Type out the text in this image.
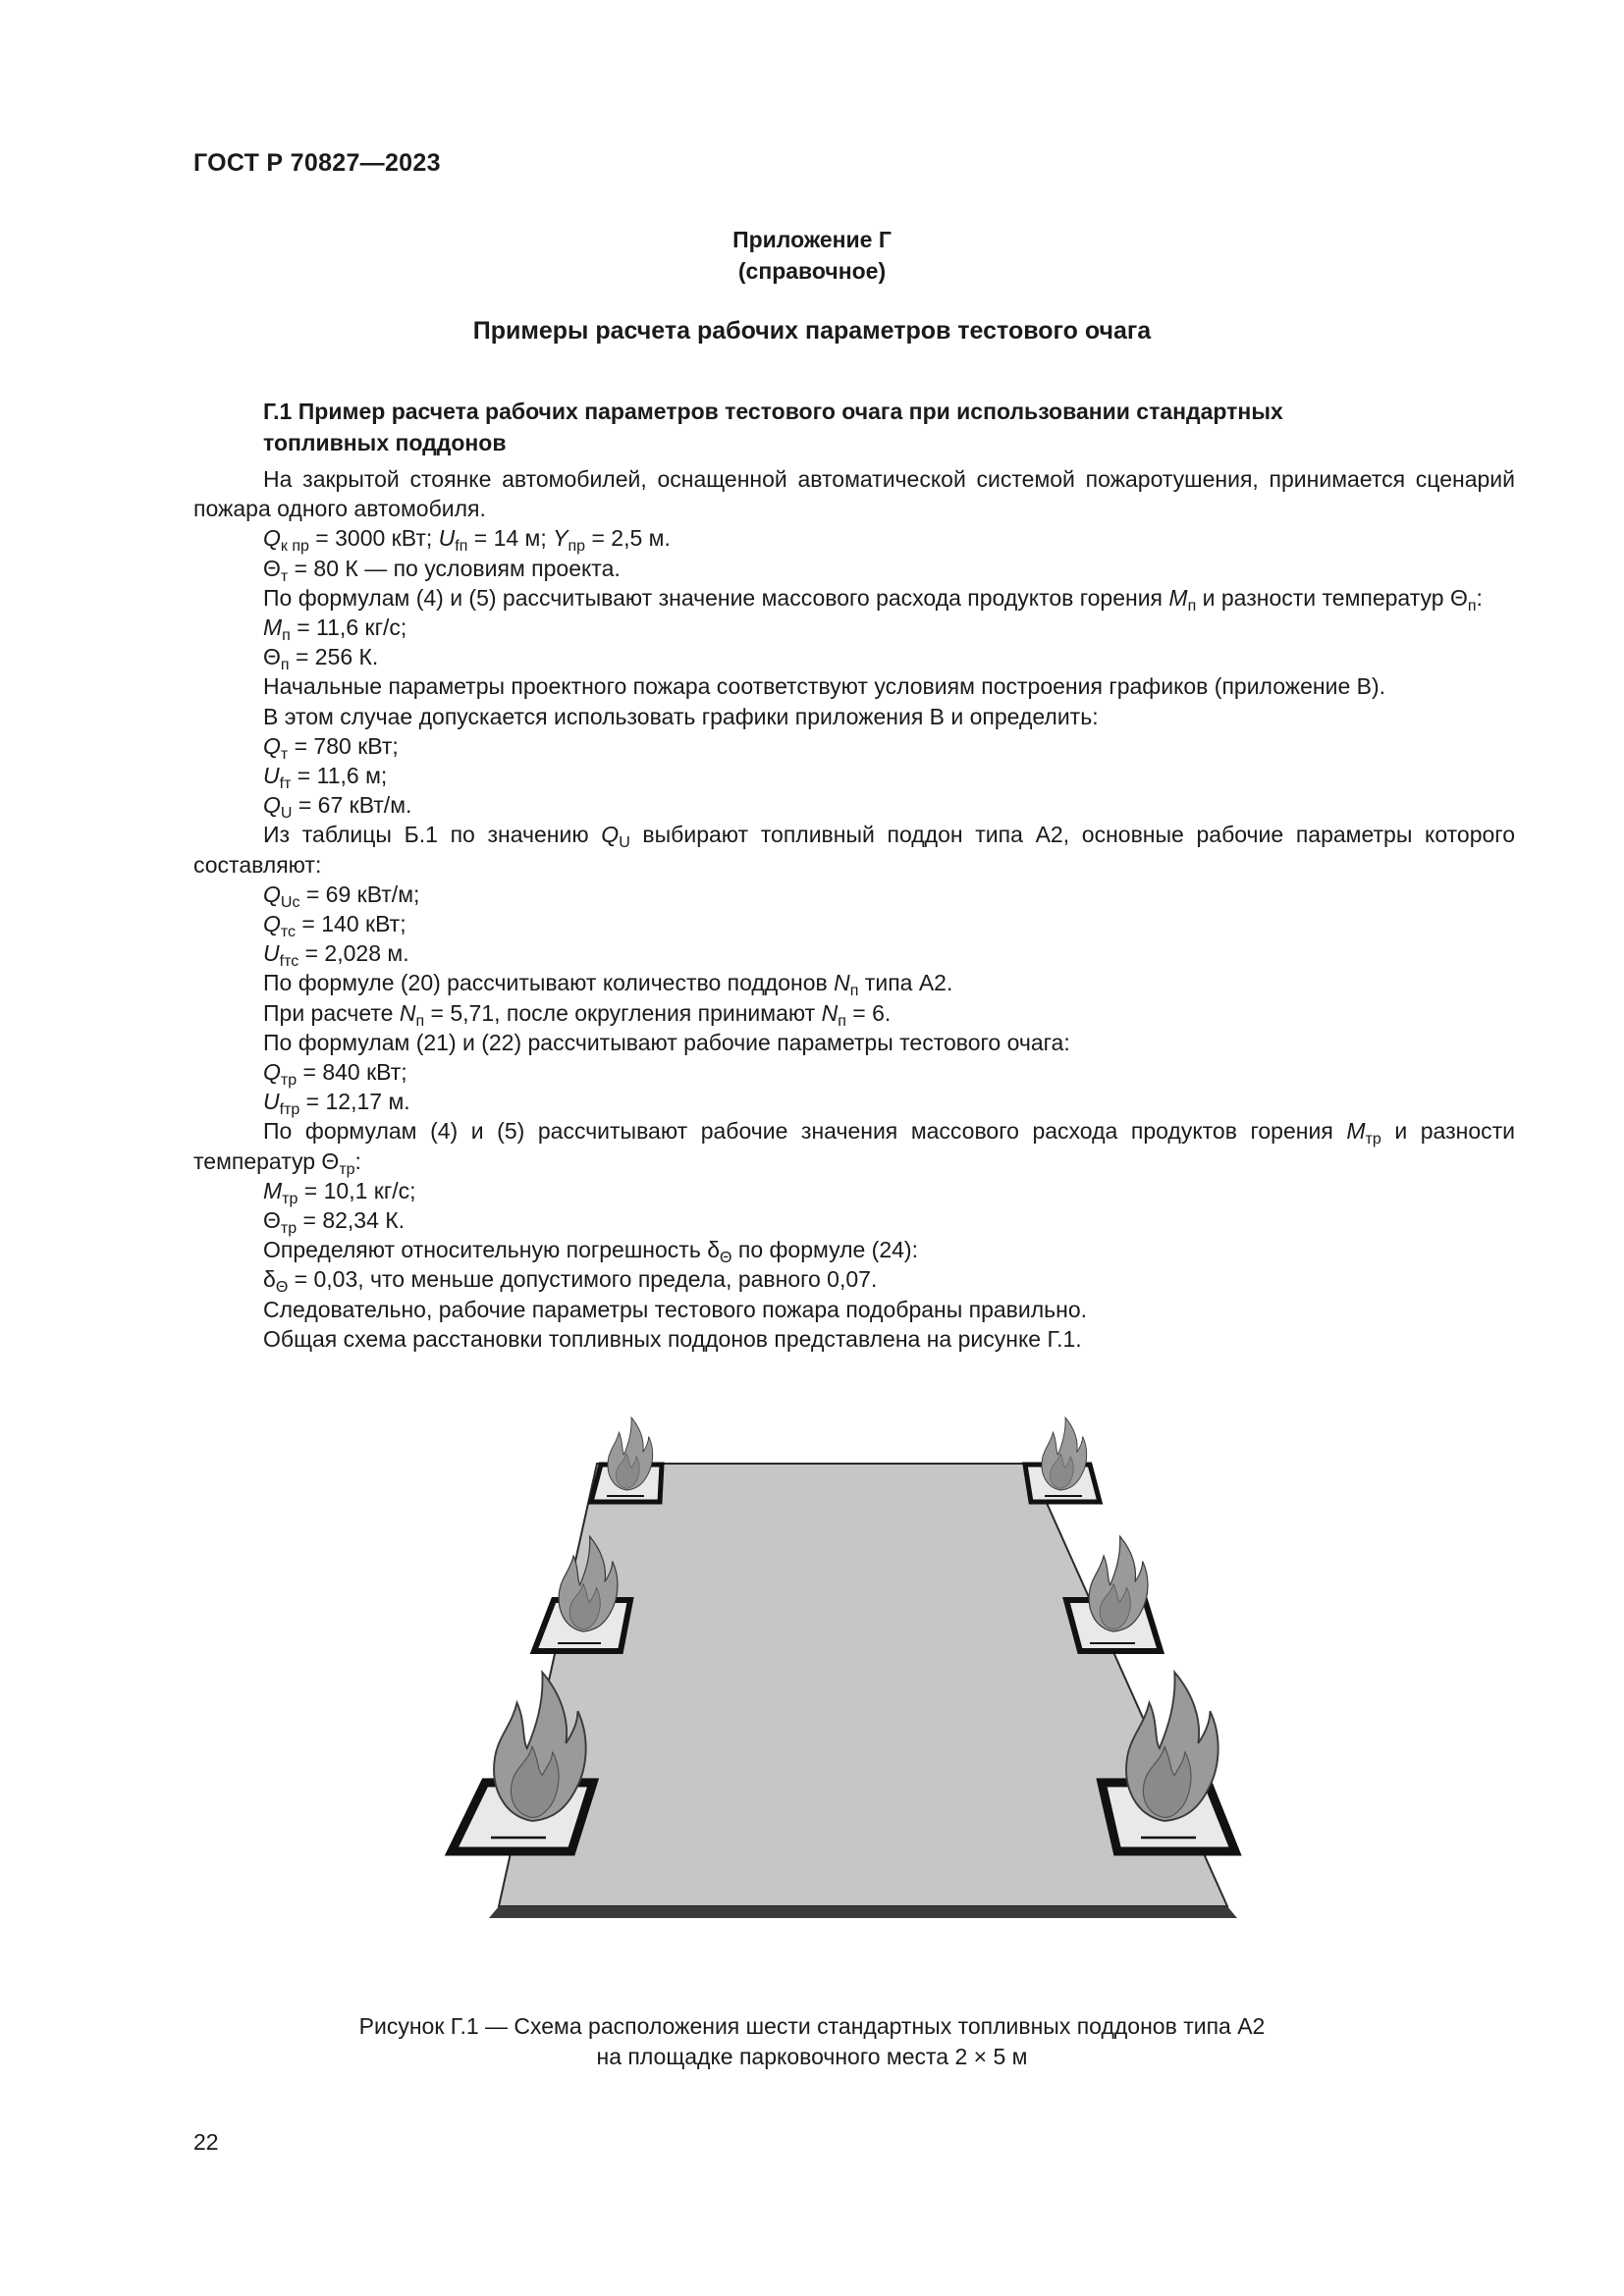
ГОСТ Р 70827—2023
Приложение Г
(справочное)
Примеры расчета рабочих параметров тестового очага
Г.1 Пример расчета рабочих параметров тестового очага при использовании стандартных
топливных поддонов

На закрытой стоянке автомобилей, оснащенной автоматической системой пожаротушения, принимается сценарий пожара одного автомобиля.

$Q_{к пр} = 3000$ кВт; $U_{fп} = 14$ м; $Y_{пр} = 2,5$ м.

$\Theta_т = 80$ К — по условиям проекта.

По формулам (4) и (5) рассчитывают значение массового расхода продуктов горения $M_п$ и разности температур $\Theta_п$:

$M_п = 11,6$ кг/с;

$\Theta_п = 256$ К.

Начальные параметры проектного пожара соответствуют условиям построения графиков (приложение В).

В этом случае допускается использовать графики приложения В и определить:

$Q_т = 780$ кВт;

$U_{fт} = 11,6$ м;

$Q_U = 67$ кВт/м.

Из таблицы Б.1 по значению $Q_U$ выбирают топливный поддон типа А2, основные рабочие параметры которого составляют:

$Q_{Uc} = 69$ кВт/м;

$Q_{тс} = 140$ кВт;

$U_{fтс} = 2,028$ м.

По формуле (20) рассчитывают количество поддонов $N_п$ типа А2.

При расчете $N_п = 5,71$, после округления принимают $N_п = 6$.

По формулам (21) и (22) рассчитывают рабочие параметры тестового очага:

$Q_{тр} = 840$ кВт;

$U_{fтр} = 12,17$ м.

По формулам (4) и (5) рассчитывают рабочие значения массового расхода продуктов горения $M_{тр}$ и разности температур $\Theta_{тр}$:

$M_{тр} = 10,1$ кг/с;

$\Theta_{тр} = 82,34$ К.

Определяют относительную погрешность $\delta_\Theta$ по формуле (24):

$\delta_\Theta = 0,03$, что меньше допустимого предела, равного 0,07.

Следовательно, рабочие параметры тестового пожара подобраны правильно.

Общая схема расстановки топливных поддонов представлена на рисунке Г.1.

Рисунок Г.1 — Схема расположения шести стандартных топливных поддонов типа А2
на площадке парковочного места 2 × 5 м
22
